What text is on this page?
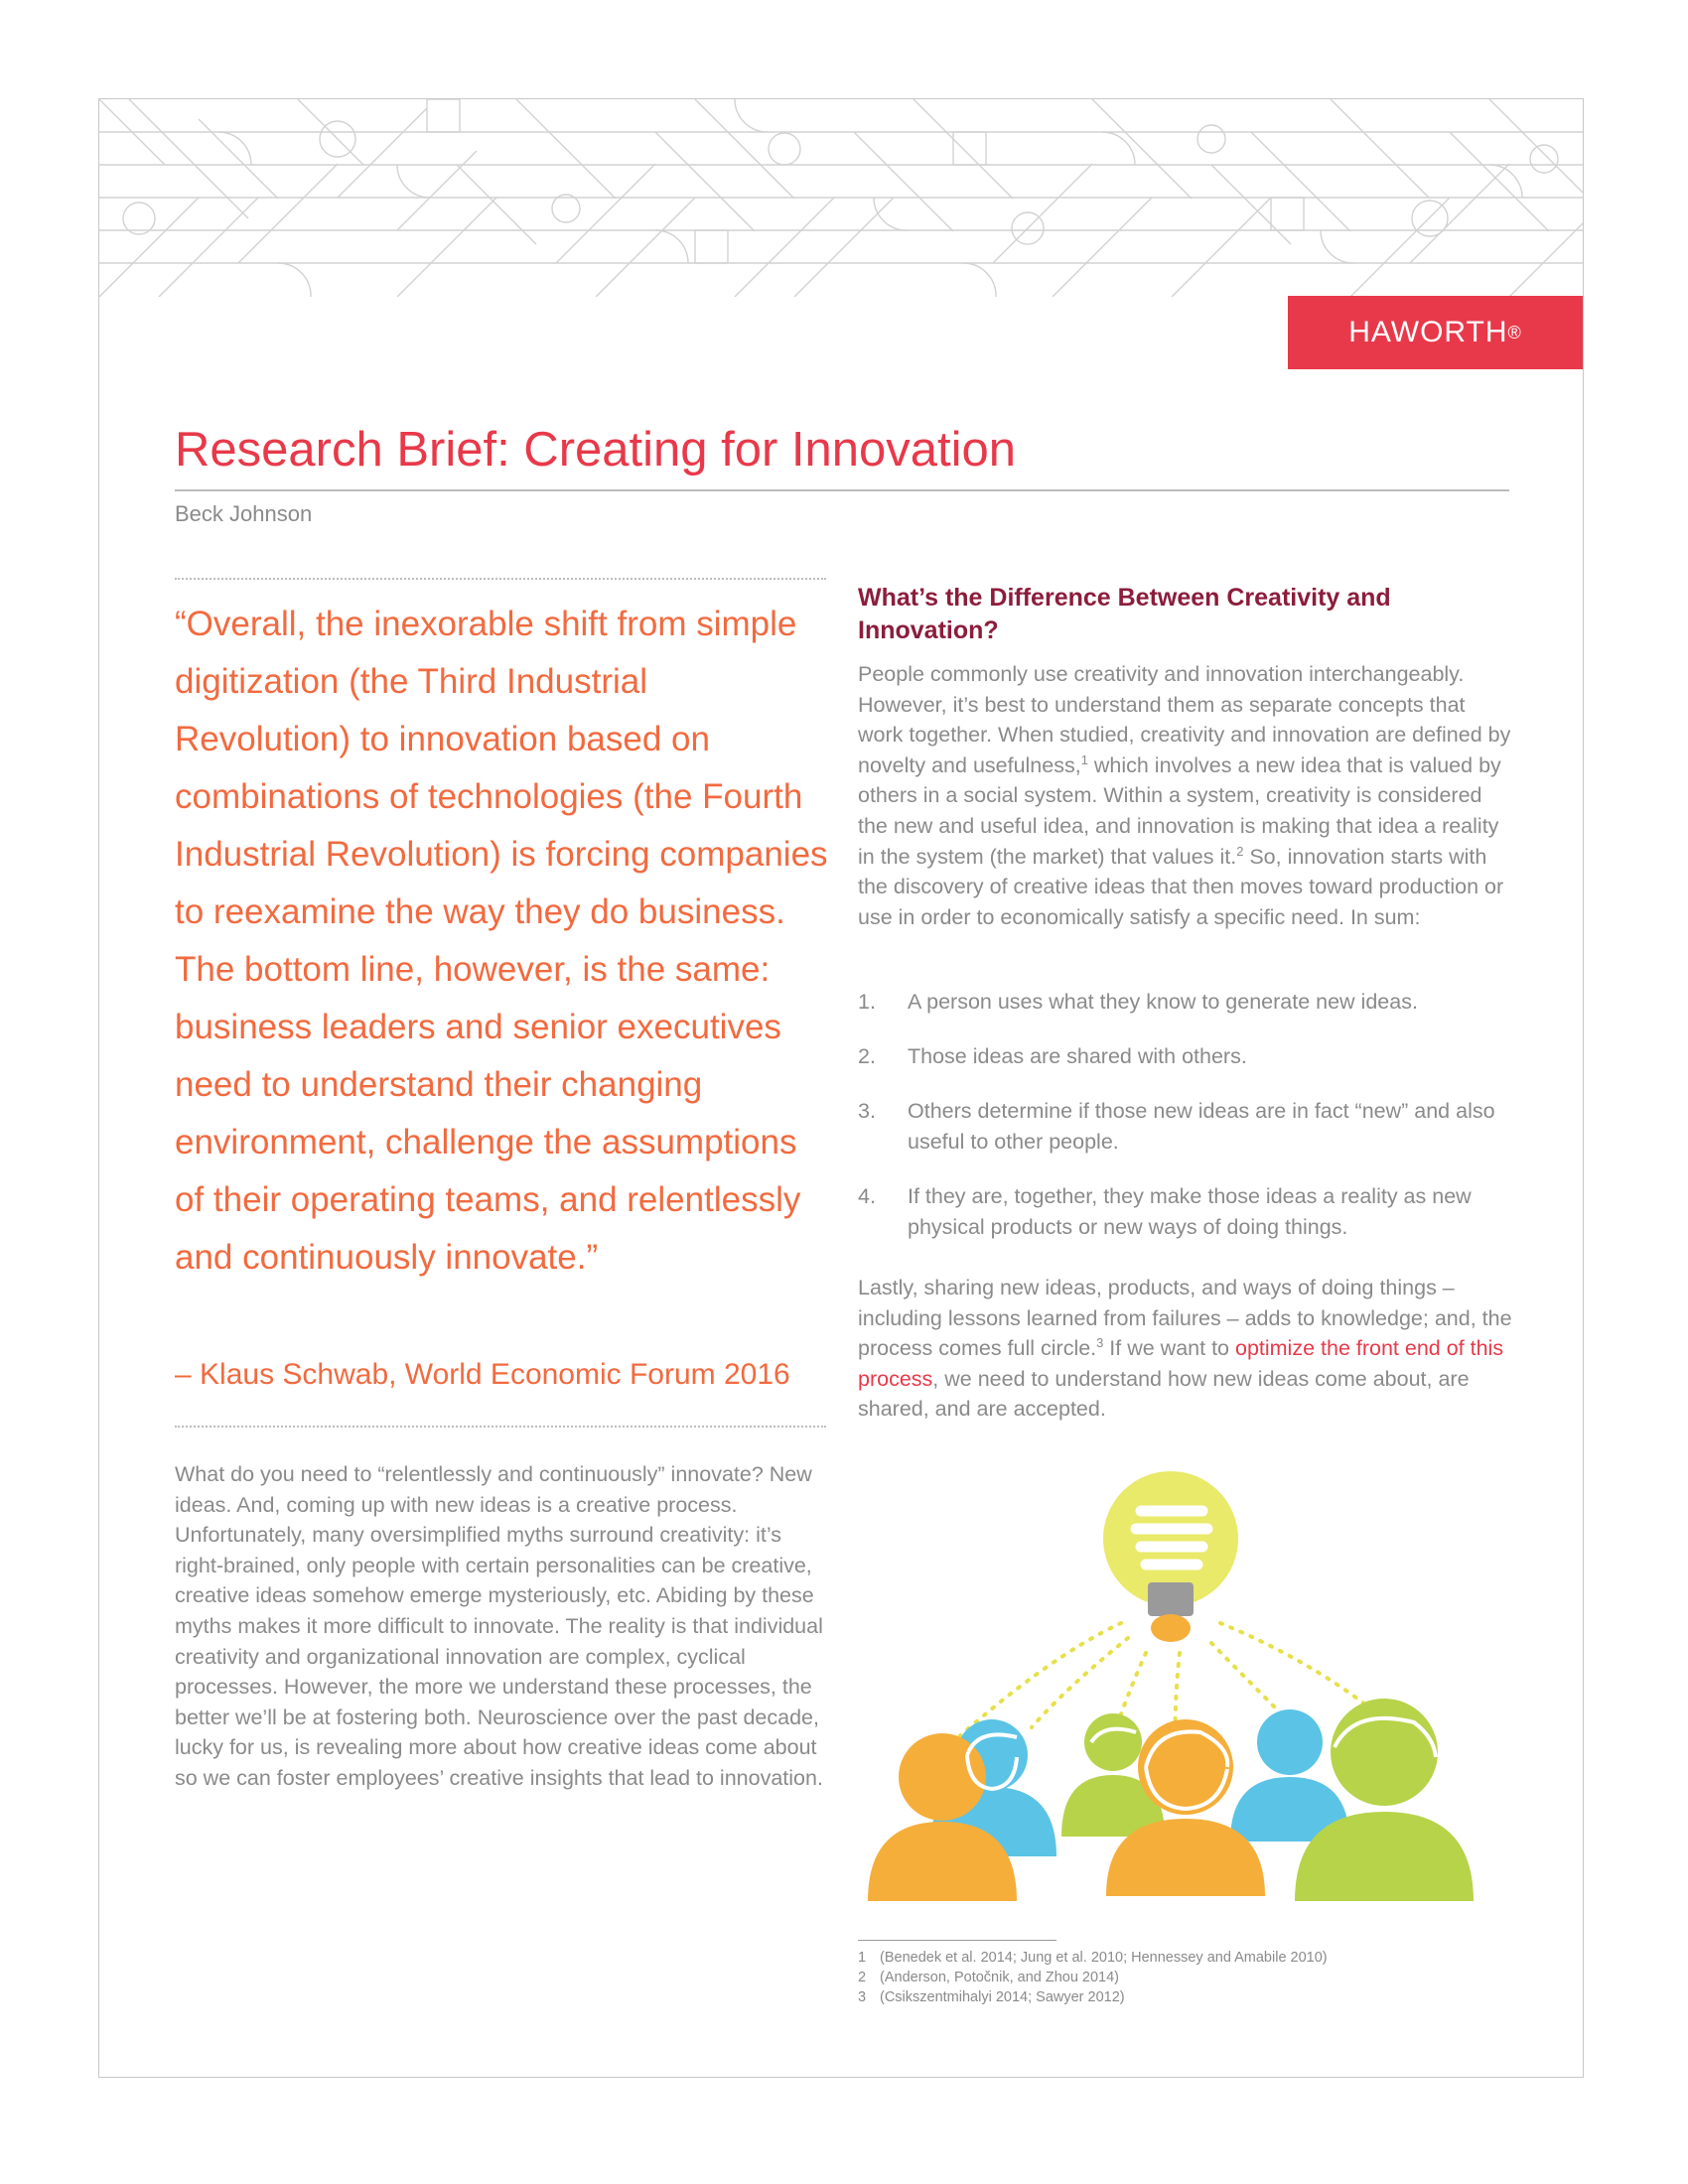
HAWORTH ®
Research Brief: Creating for Innovation
Beck Johnson

“Overall, the inexorable shift from simple digitization (the Third Industrial Revolution) to innovation based on combinations of technologies (the Fourth Industrial Revolution) is forcing companies to reexamine the way they do business. The bottom line, however, is the same: business leaders and senior executives need to understand their changing environment, challenge the assumptions of their operating teams, and relentlessly and continuously innovate.”

– Klaus Schwab, World Economic Forum 2016

What do you need to “relentlessly and continuously” innovate? New ideas. And, coming up with new ideas is a creative process. Unfortunately, many oversimplified myths surround creativity: it’s right-brained, only people with certain personalities can be creative, creative ideas somehow emerge mysteriously, etc. Abiding by these myths makes it more difficult to innovate. The reality is that individual creativity and organizational innovation are complex, cyclical processes. However, the more we understand these processes, the better we’ll be at fostering both. Neuroscience over the past decade, lucky for us, is revealing more about how creative ideas come about so we can foster employees’ creative insights that lead to innovation.

What’s the Difference Between Creativity and Innovation?

People commonly use creativity and innovation interchangeably. However, it’s best to understand them as separate concepts that work together. When studied, creativity and innovation are defined by novelty and usefulness,$^1$ which involves a new idea that is valued by others in a social system. Within a system, creativity is considered the new and useful idea, and innovation is making that idea a reality in the system (the market) that values it.$^2$ So, innovation starts with the discovery of creative ideas that then moves toward production or use in order to economically satisfy a specific need. In sum:

1. A person uses what they know to generate new ideas.
2. Those ideas are shared with others.
3. Others determine if those new ideas are in fact “new” and also useful to other people.
4. If they are, together, they make those ideas a reality as new physical products or new ways of doing things.

Lastly, sharing new ideas, products, and ways of doing things – including lessons learned from failures – adds to knowledge; and, the process comes full circle.$^3$ If we want to optimize the front end of this process, we need to understand how new ideas come about, are shared, and are accepted.

1 (Benedek et al. 2014; Jung et al. 2010; Hennessey and Amabile 2010)
2 (Anderson, Potočnik, and Zhou 2014)
3 (Csikszentmihalyi 2014; Sawyer 2012)
